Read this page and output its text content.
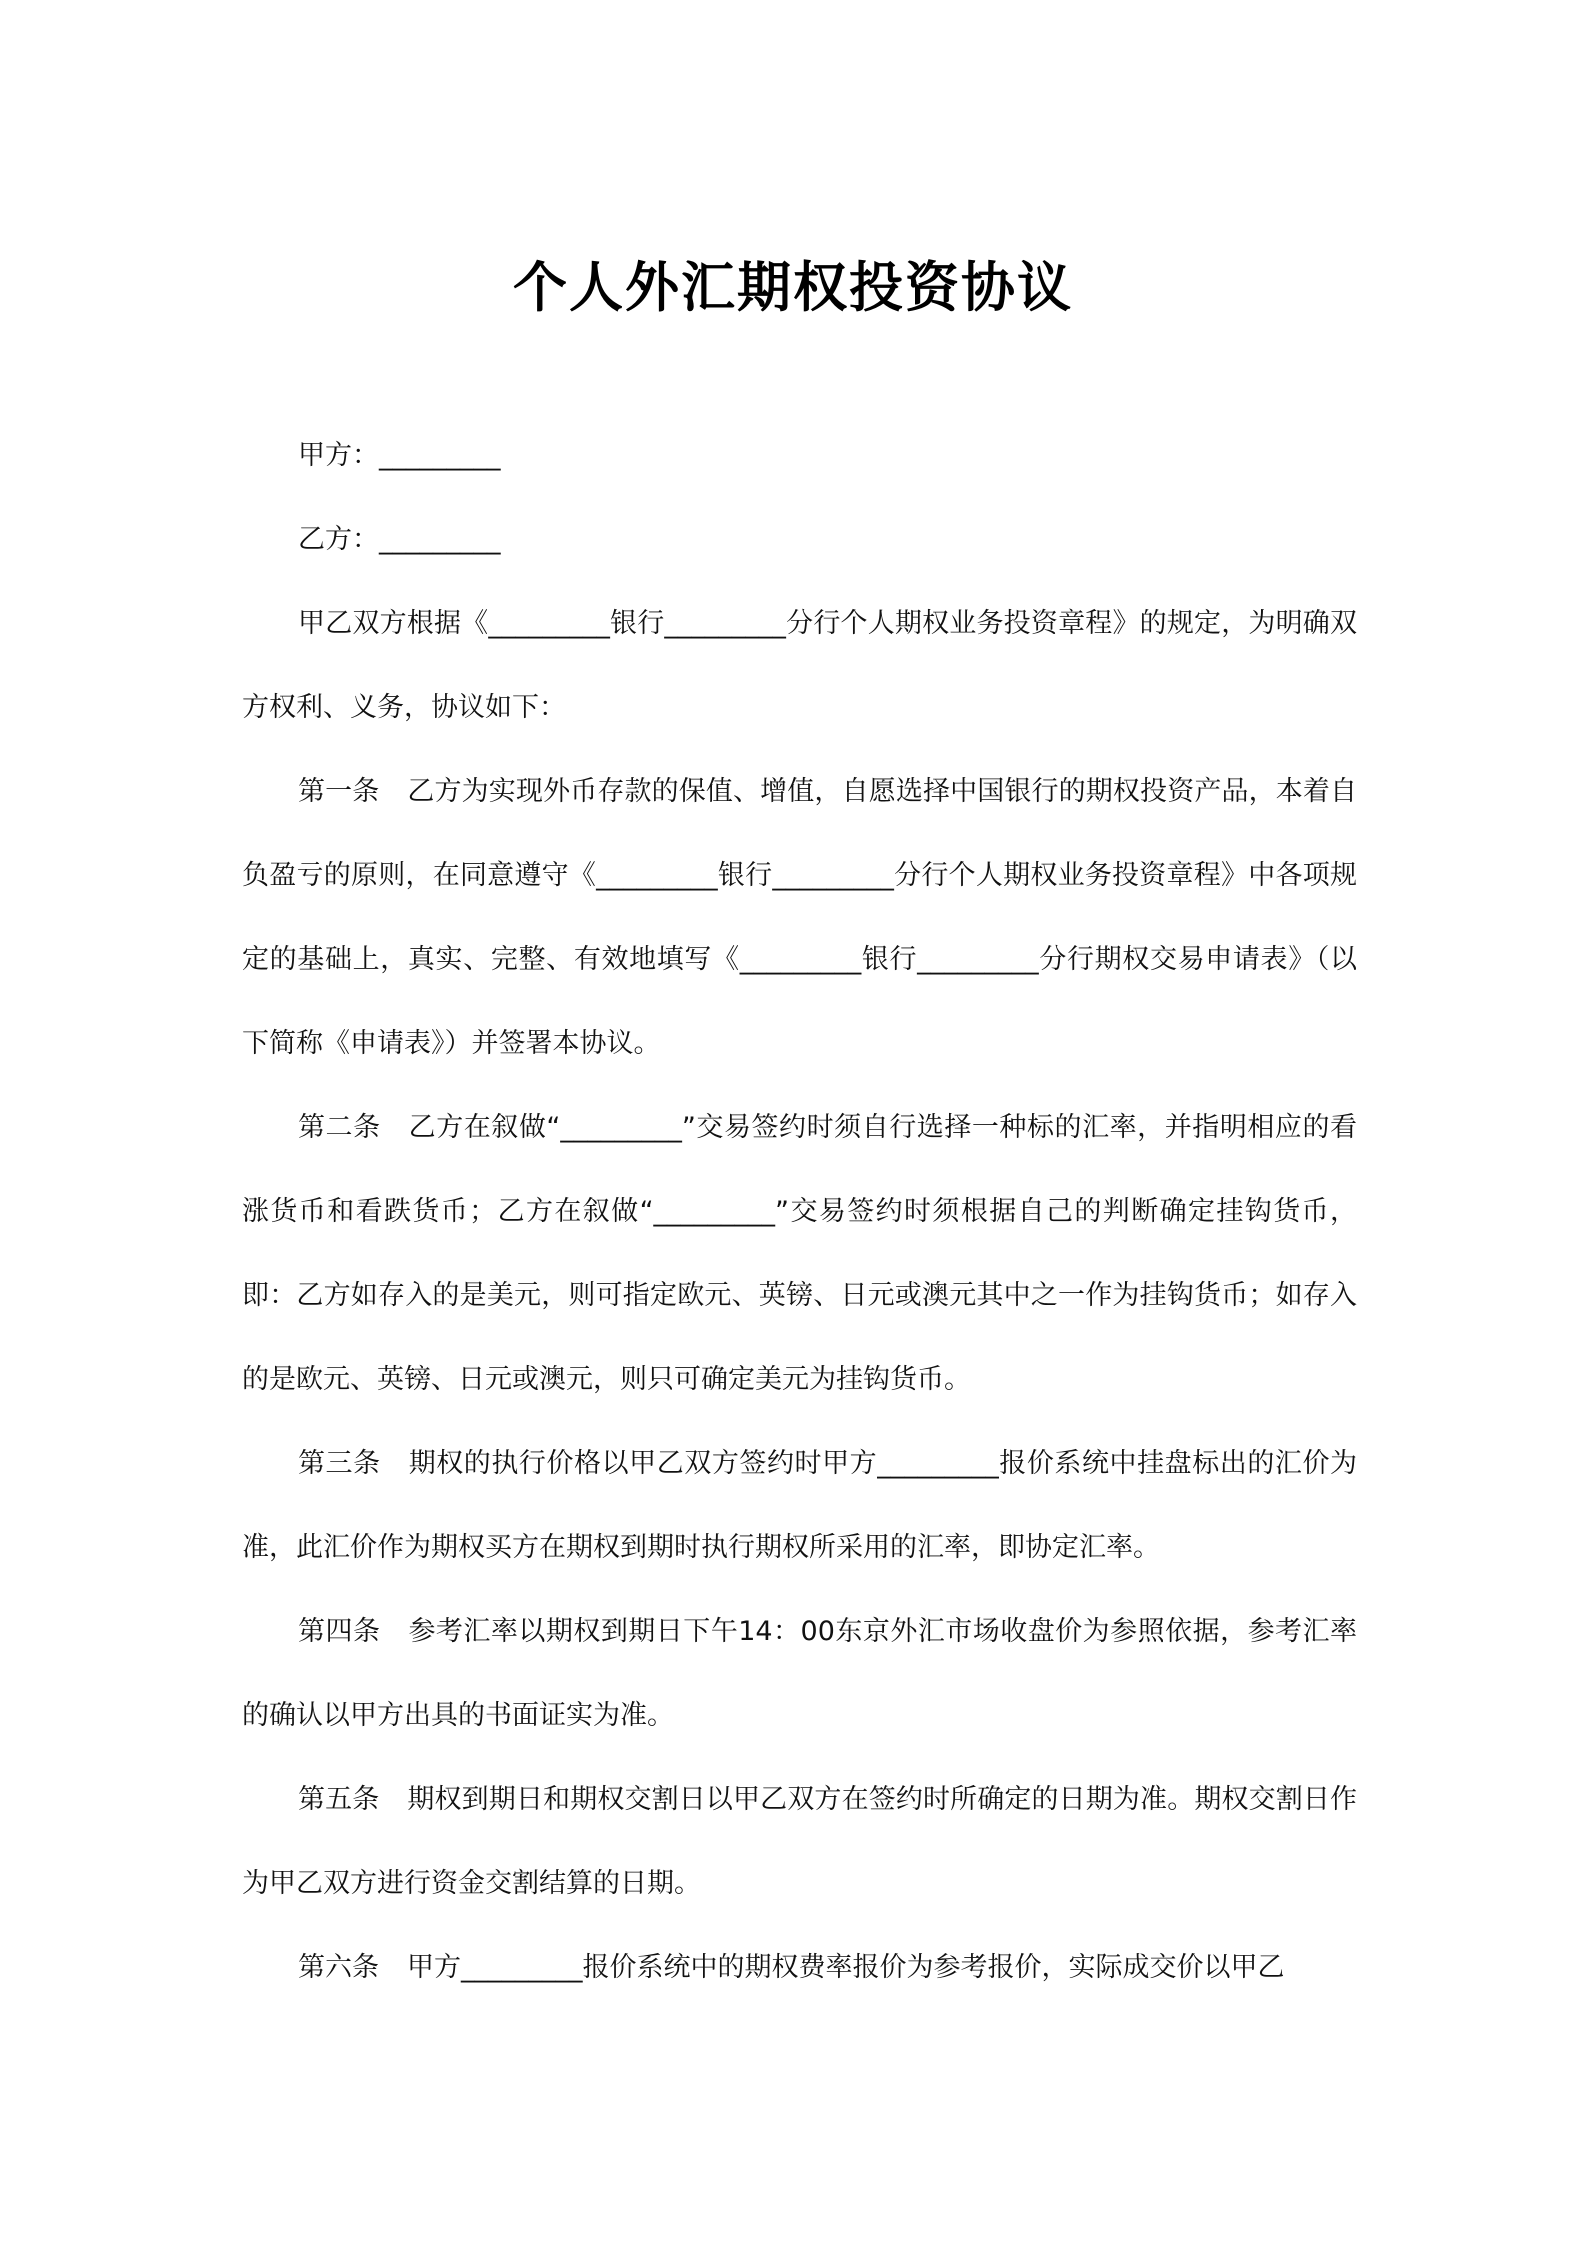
个人外汇期权投资协议

甲方：_________

乙方：_________

甲乙双方根据《_________银行_________分行个人期权业务投资章程》的规定，为明确双方权利、义务，协议如下：

第一条 乙方为实现外币存款的保值、增值，自愿选择中国银行的期权投资产品，本着自负盈亏的原则，在同意遵守《_________银行_________分行个人期权业务投资章程》中各项规定的基础上，真实、完整、有效地填写《_________银行_________分行期权交易申请表》（以下简称《申请表》）并签署本协议。

第二条 乙方在叙做“_________”交易签约时须自行选择一种标的汇率，并指明相应的看涨货币和看跌货币；乙方在叙做“_________”交易签约时须根据自己的判断确定挂钩货币，即：乙方如存入的是美元，则可指定欧元、英镑、日元或澳元其中之一作为挂钩货币；如存入的是欧元、英镑、日元或澳元，则只可确定美元为挂钩货币。

第三条 期权的执行价格以甲乙双方签约时甲方_________报价系统中挂盘标出的汇价为准，此汇价作为期权买方在期权到期时执行期权所采用的汇率，即协定汇率。

第四条 参考汇率以期权到期日下午14：00东京外汇市场收盘价为参照依据，参考汇率的确认以甲方出具的书面证实为准。

第五条 期权到期日和期权交割日以甲乙双方在签约时所确定的日期为准。期权交割日作为甲乙双方进行资金交割结算的日期。

第六条 甲方_________报价系统中的期权费率报价为参考报价，实际成交价以甲乙
